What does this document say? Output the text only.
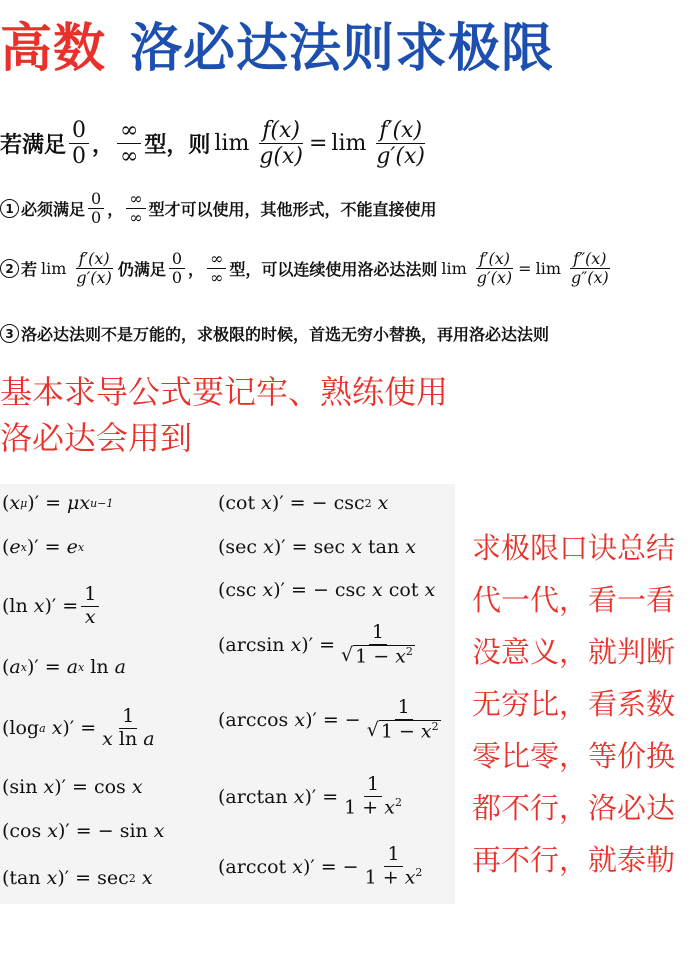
高数 洛必达法则求极限
若满足 $\frac{0}{0}$ ， $\frac{\infty}{\infty}$ 型，则 $\lim \frac{f(x)}{g(x)} = \lim \frac{f'(x)}{g'(x)}$
1 必须满足 $\frac{0}{0}$ ， $\frac{\infty}{\infty}$ 型才可以使用，其他形式，不能直接使用
2 若 $\lim \frac{f'(x)}{g'(x)}$ 仍满足 $\frac{0}{0}$ ， $\frac{\infty}{\infty}$ 型，可以连续使用洛必达法则 $\lim \frac{f'(x)}{g'(x)} = \lim \frac{f''(x)}{g''(x)}$
3 洛必达法则不是万能的，求极限的时候，首选无穷小替换，再用洛必达法则
基本求导公式要记牢、熟练使用
洛必达会用到
( x μ )′ = μx u−1
( e x )′ = e x
(ln x )′ = $\frac{1}{x}$
( a x )′ = a x ln a
(log a
x )′ = $\frac{1}{\text{x ln a}}$
(sin x )′ = cos x
(cos x )′ = − sin x
(tan x )′ = sec 2
x
(cot x )′ = − csc 2
x
(sec x )′ = sec x tan x
(csc x )′ = − csc x cot x
(arcsin x )′ = $\frac{1}{√ 1 - x^2}$
(arccos x )′ = − $\frac{1}{√ 1 - x^2}$
(arctan x )′ = $\frac{1}{1 + x^2}$
(arccot x )′ = − $\frac{1}{1 + x^2}$
求极限口诀总结
代一代，看一看
没意义，就判断
无穷比，看系数
零比零，等价换
都不行，洛必达
再不行，就泰勒
